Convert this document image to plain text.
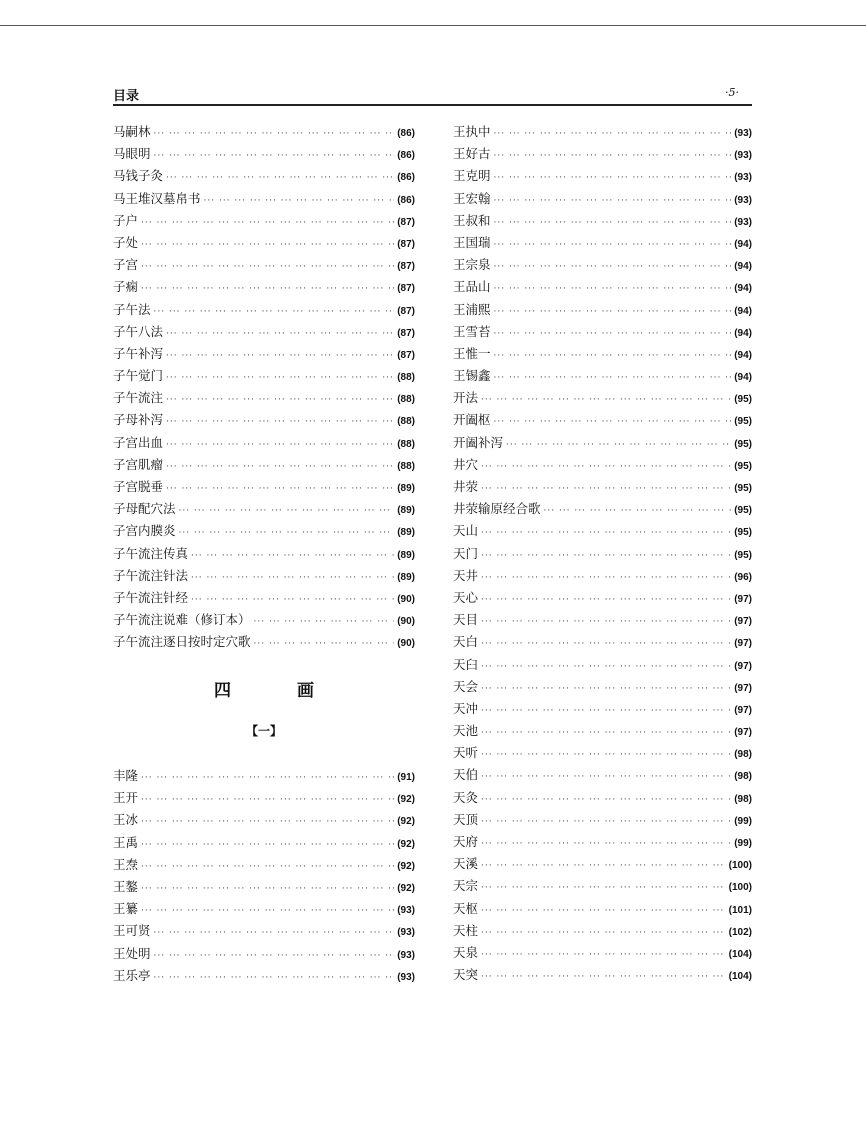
目录	·5·
马嗣林 ··· ·	(86)
马眼明 ··· ·	(86)
马钱子灸 ··· ·	(86)
马王堆汉墓帛书 ··· ·	(86)
子户 ··· ·	(87)
子处 ··· ·	(87)
子宫 ··· ·	(87)
子痫 ··· ·	(87)
子午法 ··· ·	(87)
子午八法 ··· ·	(87)
子午补泻 ··· ·	(87)
子午觉门 ··· ·	(88)
子午流注 ··· ·	(88)
子母补泻 ··· ·	(88)
子宫出血 ··· ·	(88)
子宫肌瘤 ··· ·	(88)
子宫脱垂 ··· ·	(89)
子母配穴法 ··· ·	(89)
子宫内膜炎 ··· ·	(89)
子午流注传真 ··· ·	(89)
子午流注针法 ··· ·	(89)
子午流注针经 ··· ·	(90)
子午流注说难（修订本） ··· ·	(90)
子午流注逐日按时定穴歌 ··· ·	(90)
四 画
【一】
丰隆 ··· ·	(91)
王开 ··· ·	(92)
王冰 ··· ·	(92)
王禹 ··· ·	(92)
王焘 ··· ·	(92)
王鏊 ··· ·	(92)
王纂 ··· ·	(93)
王可贤 ··· ·	(93)
王处明 ··· ·	(93)
王乐亭 ··· ·	(93)
王执中 ··· ·	(93)
王好古 ··· ·	(93)
王克明 ··· ·	(93)
王宏翰 ··· ·	(93)
王叔和 ··· ·	(93)
王国瑞 ··· ·	(94)
王宗泉 ··· ·	(94)
王品山 ··· ·	(94)
王浦熙 ··· ·	(94)
王雪苔 ··· ·	(94)
王惟一 ··· ·	(94)
王锡鑫 ··· ·	(94)
开法 ··· ·	(95)
开阖枢 ··· ·	(95)
开阖补泻 ··· ·	(95)
井穴 ··· ·	(95)
井荥 ··· ·	(95)
井荥输原经合歌 ··· ·	(95)
天山 ··· ·	(95)
天门 ··· ·	(95)
天井 ··· ·	(96)
天心 ··· ·	(97)
天目 ··· ·	(97)
天白 ··· ·	(97)
天臼 ··· ·	(97)
天会 ··· ·	(97)
天冲 ··· ·	(97)
天池 ··· ·	(97)
天听 ··· ·	(98)
天伯 ··· ·	(98)
天灸 ··· ·	(98)
天顶 ··· ·	(99)
天府 ··· ·	(99)
天溪 ··· ·	(100)
天宗 ··· ·	(100)
天枢 ··· ·	(101)
天柱 ··· ·	(102)
天泉 ··· ·	(104)
天突 ··· ·	(104)
